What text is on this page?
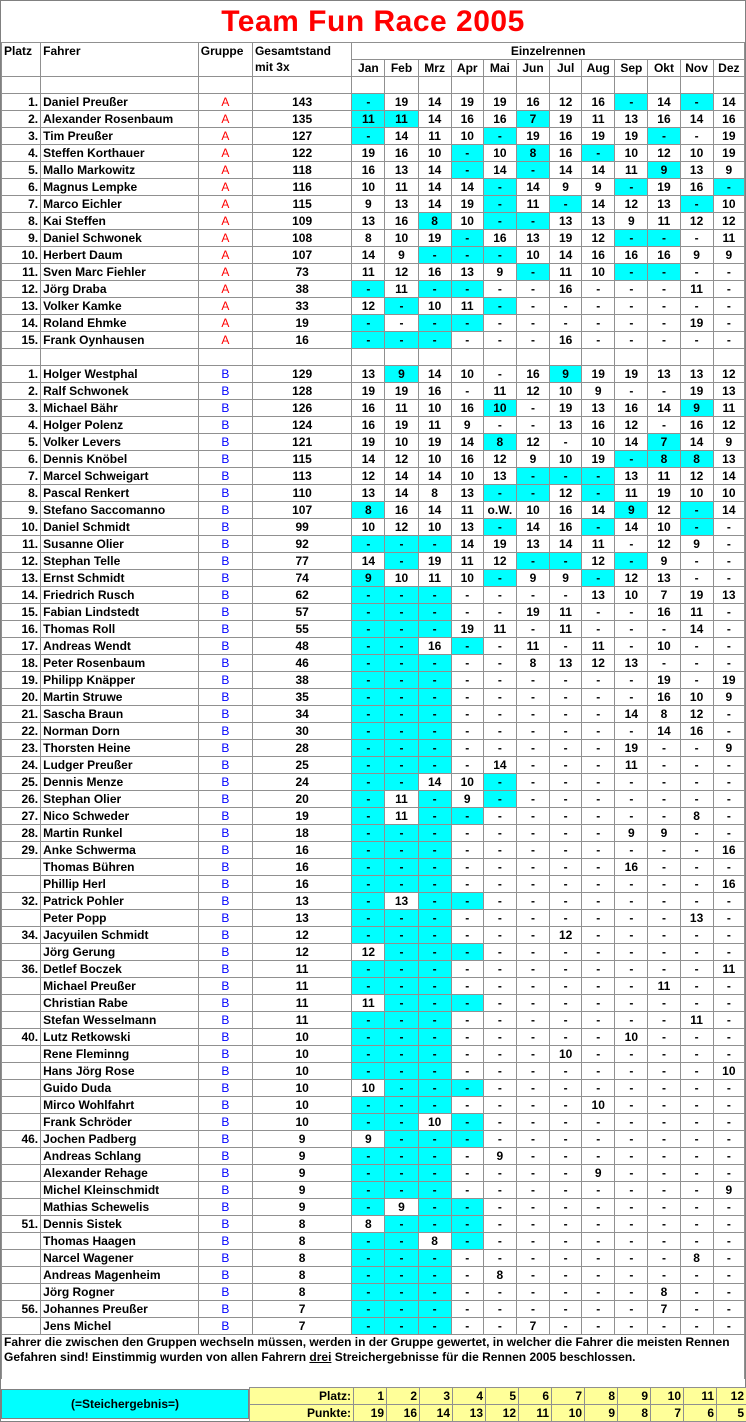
Team Fun Race 2005
Platz	Fahrer	Gruppe	Gesamtstand
mit 3x	Einzelrennen											
				Jan	Feb	Mrz	Apr	Mai	Jun	Jul	Aug	Sep	Okt	Nov	Dez

1.	Daniel Preußer	A	143	-	19	14	19	19	16	12	16	-	14	-	14
2.	Alexander Rosenbaum	A	135	11	11	14	16	16	7	19	11	13	16	14	16
3.	Tim Preußer	A	127	-	14	11	10	-	19	16	19	19	-	-	19
4.	Steffen Korthauer	A	122	19	16	10	-	10	8	16	-	10	12	10	19
5.	Mallo Markowitz	A	118	16	13	14	-	14	-	14	14	11	9	13	9
6.	Magnus Lempke	A	116	10	11	14	14	-	14	9	9	-	19	16	-
7.	Marco Eichler	A	115	9	13	14	19	-	11	-	14	12	13	-	10
8.	Kai Steffen	A	109	13	16	8	10	-	-	13	13	9	11	12	12
9.	Daniel Schwonek	A	108	8	10	19	-	16	13	19	12	-	-	-	11
10.	Herbert Daum	A	107	14	9	-	-	-	10	14	16	16	16	9	9
11.	Sven Marc Fiehler	A	73	11	12	16	13	9	-	11	10	-	-	-	-
12.	Jörg Draba	A	38	-	11	-	-	-	-	16	-	-	-	11	-
13.	Volker Kamke	A	33	12	-	10	11	-	-	-	-	-	-	-	-
14.	Roland Ehmke	A	19	-	-	-	-	-	-	-	-	-	-	19	-
15.	Frank Oynhausen	A	16	-	-	-	-	-	-	16	-	-	-	-	-

1.	Holger Westphal	B	129	13	9	14	10	-	16	9	19	19	13	13	12
2.	Ralf Schwonek	B	128	19	19	16	-	11	12	10	9	-	-	19	13
3.	Michael Bähr	B	126	16	11	10	16	10	-	19	13	16	14	9	11
4.	Holger Polenz	B	124	16	19	11	9	-	-	13	16	12	-	16	12
5.	Volker Levers	B	121	19	10	19	14	8	12	-	10	14	7	14	9
6.	Dennis Knöbel	B	115	14	12	10	16	12	9	10	19	-	8	8	13
7.	Marcel Schweigart	B	113	12	14	14	10	13	-	-	-	13	11	12	14
8.	Pascal Renkert	B	110	13	14	8	13	-	-	12	-	11	19	10	10
9.	Stefano Saccomanno	B	107	8	16	14	11	o.W.	10	16	14	9	12	-	14
10.	Daniel Schmidt	B	99	10	12	10	13	-	14	16	-	14	10	-	-
11.	Susanne Olier	B	92	-	-	-	14	19	13	14	11	-	12	9	-
12.	Stephan Telle	B	77	14	-	19	11	12	-	-	12	-	9	-	-
13.	Ernst Schmidt	B	74	9	10	11	10	-	9	9	-	12	13	-	-
14.	Friedrich Rusch	B	62	-	-	-	-	-	-	-	13	10	7	19	13
15.	Fabian Lindstedt	B	57	-	-	-	-	-	19	11	-	-	16	11	-
16.	Thomas Roll	B	55	-	-	-	19	11	-	11	-	-	-	14	-
17.	Andreas Wendt	B	48	-	-	16	-	-	11	-	11	-	10	-	-
18.	Peter Rosenbaum	B	46	-	-	-	-	-	8	13	12	13	-	-	-
19.	Philipp Knäpper	B	38	-	-	-	-	-	-	-	-	-	19	-	19
20.	Martin Struwe	B	35	-	-	-	-	-	-	-	-	-	16	10	9
21.	Sascha Braun	B	34	-	-	-	-	-	-	-	-	14	8	12	-
22.	Norman Dorn	B	30	-	-	-	-	-	-	-	-	-	14	16	-
23.	Thorsten Heine	B	28	-	-	-	-	-	-	-	-	19	-	-	9
24.	Ludger Preußer	B	25	-	-	-	-	14	-	-	-	11	-	-	-
25.	Dennis Menze	B	24	-	-	14	10	-	-	-	-	-	-	-	-
26.	Stephan Olier	B	20	-	11	-	9	-	-	-	-	-	-	-	-
27.	Nico Schweder	B	19	-	11	-	-	-	-	-	-	-	-	8	-
28.	Martin Runkel	B	18	-	-	-	-	-	-	-	-	9	9	-	-
29.	Anke Schwerma	B	16	-	-	-	-	-	-	-	-	-	-	-	16
	Thomas Bühren	B	16	-	-	-	-	-	-	-	-	16	-	-	-
	Phillip Herl	B	16	-	-	-	-	-	-	-	-	-	-	-	16
32.	Patrick Pohler	B	13	-	13	-	-	-	-	-	-	-	-	-	-
	Peter Popp	B	13	-	-	-	-	-	-	-	-	-	-	13	-
34.	Jacyuilen Schmidt	B	12	-	-	-	-	-	-	12	-	-	-	-	-
	Jörg Gerung	B	12	12	-	-	-	-	-	-	-	-	-	-	-
36.	Detlef Boczek	B	11	-	-	-	-	-	-	-	-	-	-	-	11
	Michael Preußer	B	11	-	-	-	-	-	-	-	-	-	11	-	-
	Christian Rabe	B	11	11	-	-	-	-	-	-	-	-	-	-	-
	Stefan Wesselmann	B	11	-	-	-	-	-	-	-	-	-	-	11	-
40.	Lutz Retkowski	B	10	-	-	-	-	-	-	-	-	10	-	-	-
	Rene Fleminng	B	10	-	-	-	-	-	-	10	-	-	-	-	-
	Hans Jörg Rose	B	10	-	-	-	-	-	-	-	-	-	-	-	10
	Guido Duda	B	10	10	-	-	-	-	-	-	-	-	-	-	-
	Mirco Wohlfahrt	B	10	-	-	-	-	-	-	-	10	-	-	-	-
	Frank Schröder	B	10	-	-	10	-	-	-	-	-	-	-	-	-
46.	Jochen Padberg	B	9	9	-	-	-	-	-	-	-	-	-	-	-
	Andreas Schlang	B	9	-	-	-	-	9	-	-	-	-	-	-	-
	Alexander Rehage	B	9	-	-	-	-	-	-	-	9	-	-	-	-
	Michel Kleinschmidt	B	9	-	-	-	-	-	-	-	-	-	-	-	9
	Mathias Schewelis	B	9	-	9	-	-	-	-	-	-	-	-	-	-
51.	Dennis Sistek	B	8	8	-	-	-	-	-	-	-	-	-	-	-
	Thomas Haagen	B	8	-	-	8	-	-	-	-	-	-	-	-	-
	Narcel Wagener	B	8	-	-	-	-	-	-	-	-	-	-	8	-
	Andreas Magenheim	B	8	-	-	-	-	8	-	-	-	-	-	-	-
	Jörg Rogner	B	8	-	-	-	-	-	-	-	-	-	8	-	-
56.	Johannes Preußer	B	7	-	-	-	-	-	-	-	-	-	7	-	-
	Jens Michel	B	7	-	-	-	-	-	7	-	-	-	-	-	-
Fahrer die zwischen den Gruppen wechseln müssen, werden in der Gruppe gewertet, in welcher die Fahrer die meisten Rennen Gefahren sind! Einstimmig wurden von allen Fahrern drei Streichergebnisse für die Rennen 2005 beschlossen.
(=Steichergebnis=)
Platz:	1	2	3	4	5	6	7	8	9	10	11	12
Punkte:	19	16	14	13	12	11	10	9	8	7	6	5
